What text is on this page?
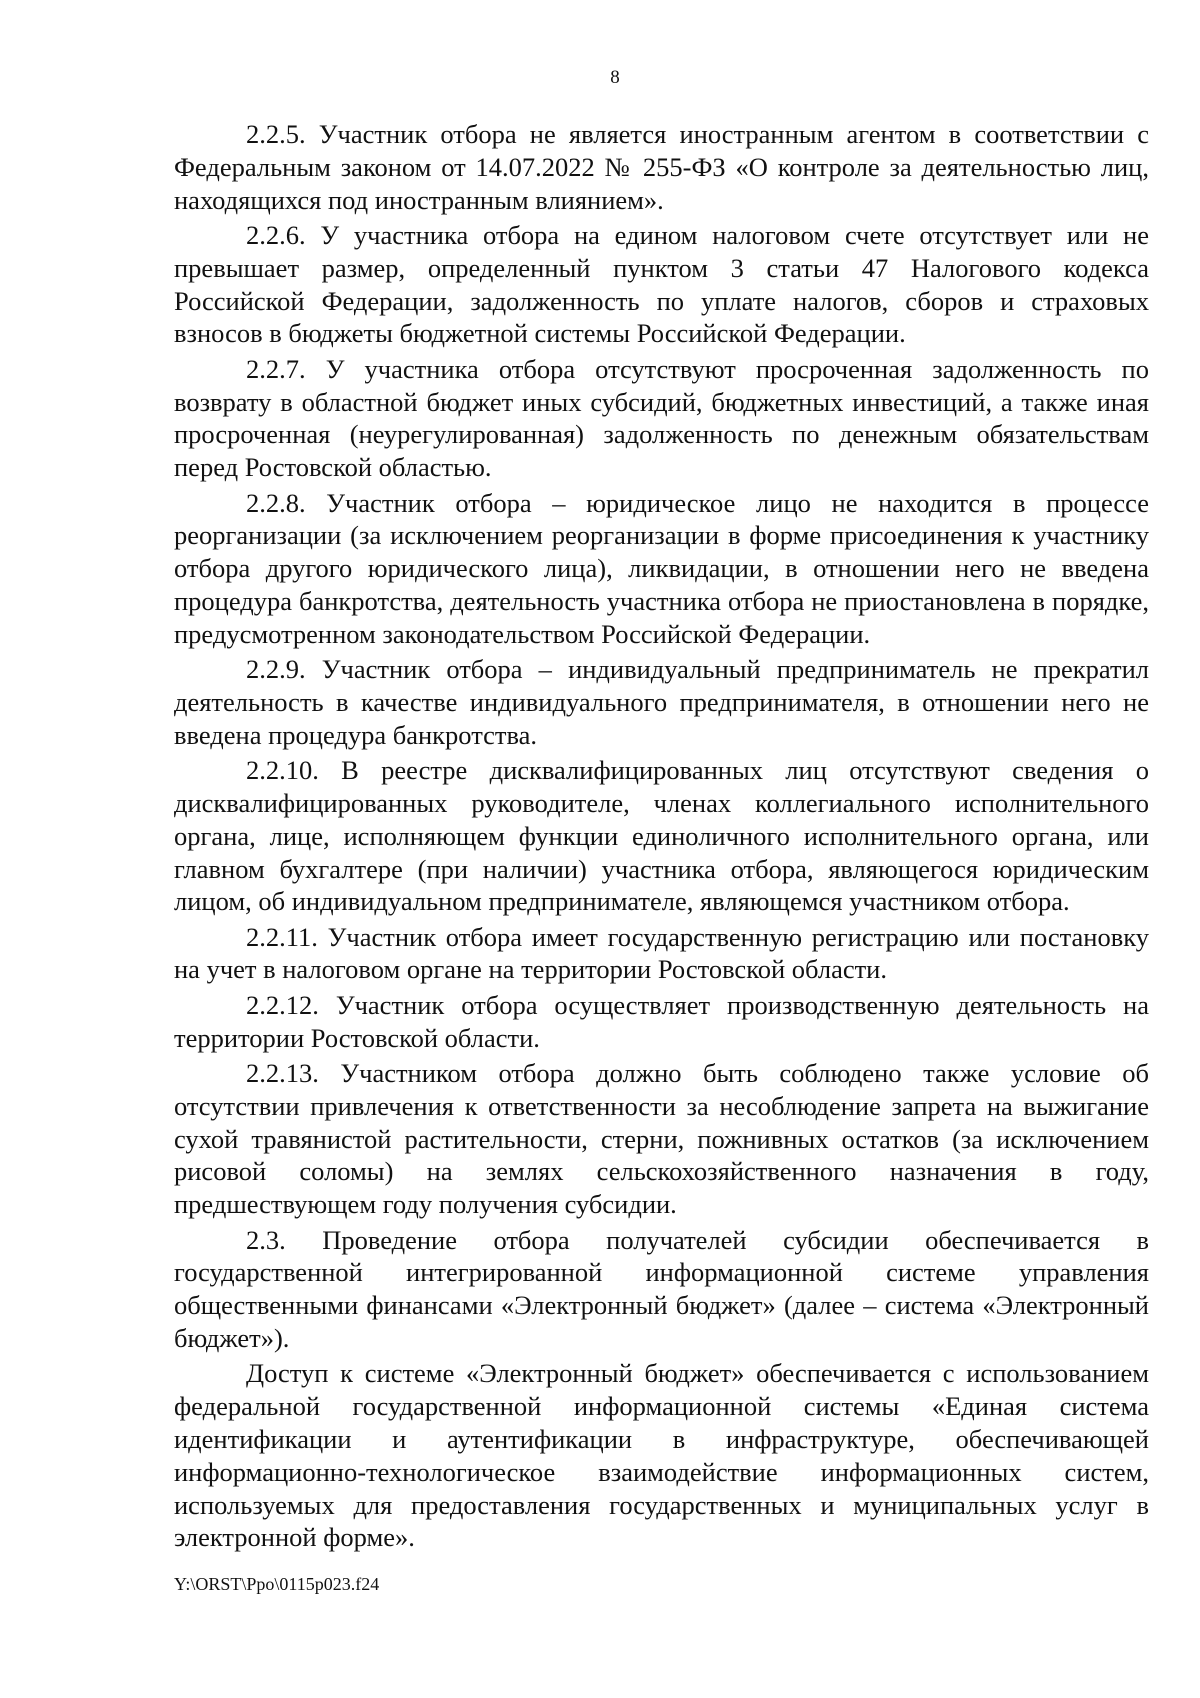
8

2.2.5. Участник отбора не является иностранным агентом в соответствии с Федеральным законом от 14.07.2022 № 255-ФЗ «О контроле за деятельностью лиц, находящихся под иностранным влиянием».

2.2.6. У участника отбора на едином налоговом счете отсутствует или не превышает размер, определенный пунктом 3 статьи 47 Налогового кодекса Российской Федерации, задолженность по уплате налогов, сборов и страховых взносов в бюджеты бюджетной системы Российской Федерации.

2.2.7. У участника отбора отсутствуют просроченная задолженность по возврату в областной бюджет иных субсидий, бюджетных инвестиций, а также иная просроченная (неурегулированная) задолженность по денежным обязательствам перед Ростовской областью.

2.2.8. Участник отбора – юридическое лицо не находится в процессе реорганизации (за исключением реорганизации в форме присоединения к участнику отбора другого юридического лица), ликвидации, в отношении него не введена процедура банкротства, деятельность участника отбора не приостановлена в порядке, предусмотренном законодательством Российской Федерации.

2.2.9. Участник отбора – индивидуальный предприниматель не прекратил деятельность в качестве индивидуального предпринимателя, в отношении него не введена процедура банкротства.

2.2.10. В реестре дисквалифицированных лиц отсутствуют сведения о дисквалифицированных руководителе, членах коллегиального исполнительного органа, лице, исполняющем функции единоличного исполнительного органа, или главном бухгалтере (при наличии) участника отбора, являющегося юридическим лицом, об индивидуальном предпринимателе, являющемся участником отбора.

2.2.11. Участник отбора имеет государственную регистрацию или постановку на учет в налоговом органе на территории Ростовской области.

2.2.12. Участник отбора осуществляет производственную деятельность на территории Ростовской области.

2.2.13. Участником отбора должно быть соблюдено также условие об отсутствии привлечения к ответственности за несоблюдение запрета на выжигание сухой травянистой растительности, стерни, пожнивных остатков (за исключением рисовой соломы) на землях сельскохозяйственного назначения в году, предшествующем году получения субсидии.

2.3. Проведение отбора получателей субсидии обеспечивается в государственной интегрированной информационной системе управления общественными финансами «Электронный бюджет» (далее – система «Электронный бюджет»).

Доступ к системе «Электронный бюджет» обеспечивается с использованием федеральной государственной информационной системы «Единая система идентификации и аутентификации в инфраструктуре, обеспечивающей информационно-технологическое взаимодействие информационных систем, используемых для предоставления государственных и муниципальных услуг в электронной форме».

Y:\ORST\Ppo\0115p023.f24
